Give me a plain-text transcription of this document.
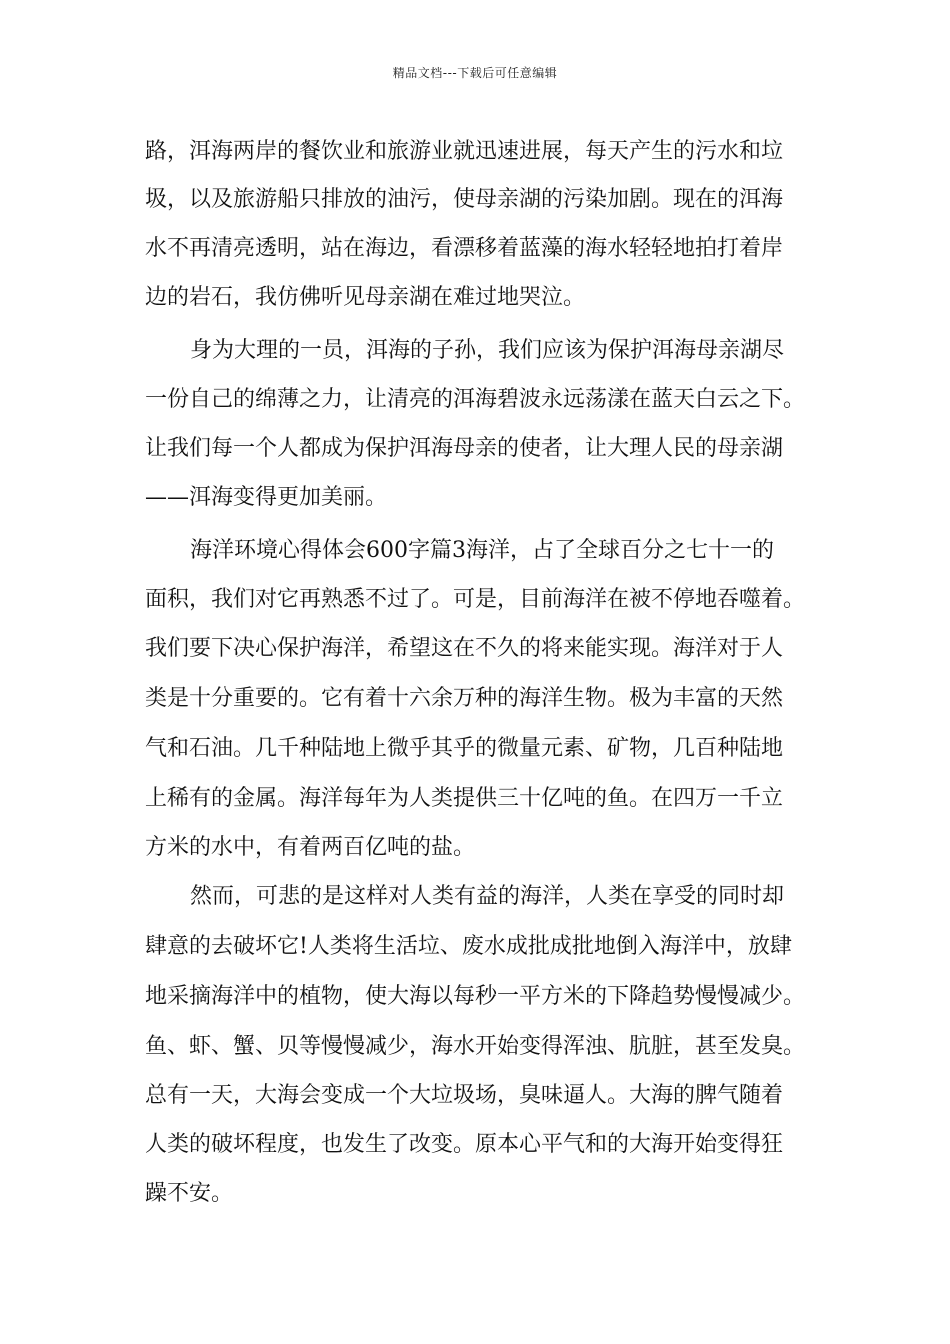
精品文档---下载后可任意编辑
路，洱海两岸的餐饮业和旅游业就迅速进展，每天产生的污水和垃
圾，以及旅游船只排放的油污，使母亲湖的污染加剧。现在的洱海
水不再清亮透明，站在海边，看漂移着蓝藻的海水轻轻地拍打着岸
边的岩石，我仿佛听见母亲湖在难过地哭泣。
身为大理的一员，洱海的子孙，我们应该为保护洱海母亲湖尽
一份自己的绵薄之力，让清亮的洱海碧波永远荡漾在蓝天白云之下。
让我们每一个人都成为保护洱海母亲的使者，让大理人民的母亲湖
——洱海变得更加美丽。
海洋环境心得体会600字篇3海洋，占了全球百分之七十一的
面积，我们对它再熟悉不过了。可是，目前海洋在被不停地吞噬着。
我们要下决心保护海洋，希望这在不久的将来能实现。海洋对于人
类是十分重要的。它有着十六余万种的海洋生物。极为丰富的天然
气和石油。几千种陆地上微乎其乎的微量元素、矿物，几百种陆地
上稀有的金属。海洋每年为人类提供三十亿吨的鱼。在四万一千立
方米的水中，有着两百亿吨的盐。
然而，可悲的是这样对人类有益的海洋，人类在享受的同时却
肆意的去破坏它!人类将生活垃、废水成批成批地倒入海洋中，放肆
地采摘海洋中的植物，使大海以每秒一平方米的下降趋势慢慢减少。
鱼、虾、蟹、贝等慢慢减少，海水开始变得浑浊、肮脏，甚至发臭。
总有一天，大海会变成一个大垃圾场，臭味逼人。大海的脾气随着
人类的破坏程度，也发生了改变。原本心平气和的大海开始变得狂
躁不安。
